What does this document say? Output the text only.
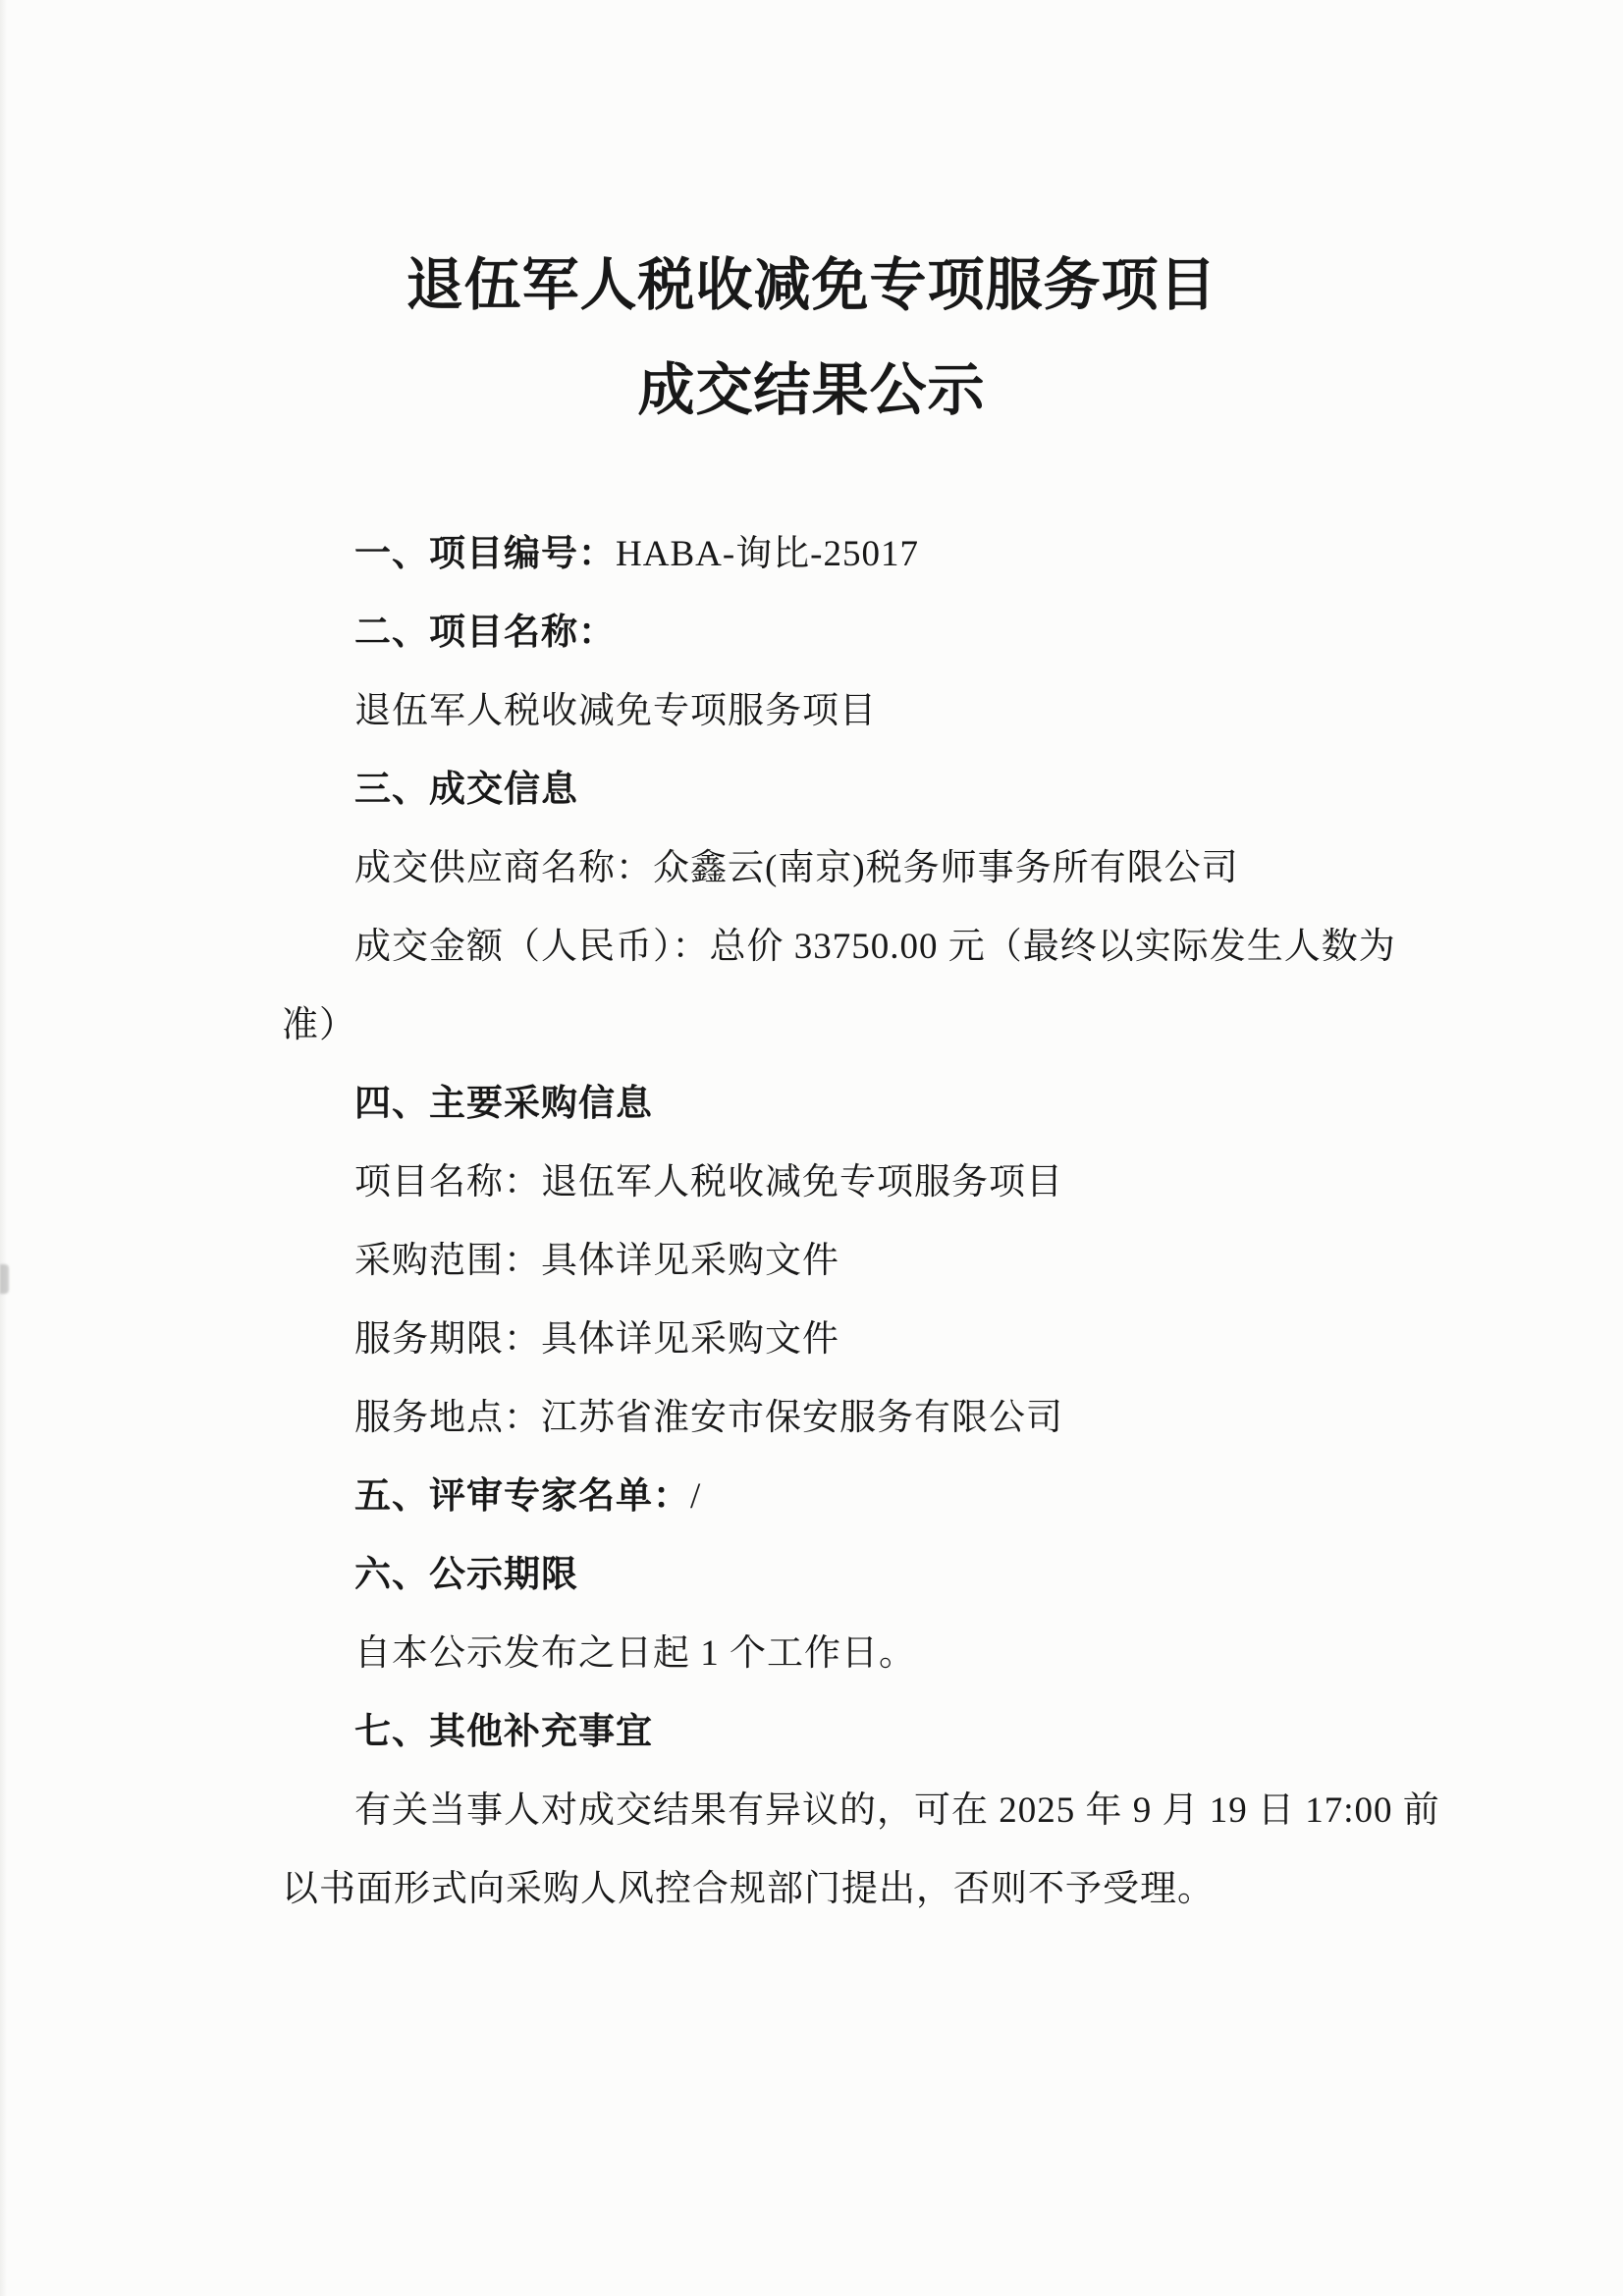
退伍军人税收减免专项服务项目
成交结果公示
一、项目编号：HABA-询比-25017
二、项目名称：
退伍军人税收减免专项服务项目
三、成交信息
成交供应商名称：众鑫云(南京)税务师事务所有限公司
成交金额（人民币）：总价 33750.00 元（最终以实际发生人数为
准）
四、主要采购信息
项目名称：退伍军人税收减免专项服务项目
采购范围：具体详见采购文件
服务期限：具体详见采购文件
服务地点：江苏省淮安市保安服务有限公司
五、评审专家名单：/
六、公示期限
自本公示发布之日起 1 个工作日。
七、其他补充事宜
有关当事人对成交结果有异议的，可在 2025 年 9 月 19 日 17:00 前
以书面形式向采购人风控合规部门提出，否则不予受理。
